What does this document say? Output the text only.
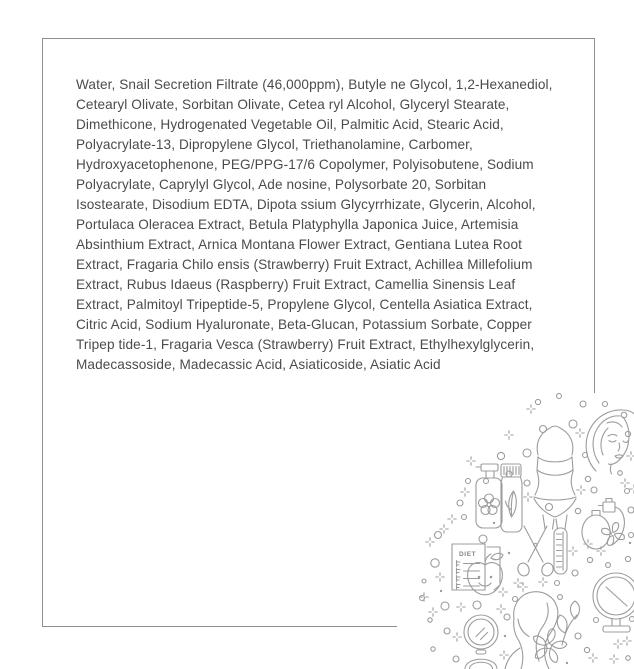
Water, Snail Secretion Filtrate (46,000ppm), Butyle ne Glycol, 1,2-Hexanediol,
Cetearyl Olivate, Sorbitan Olivate, Cetea ryl Alcohol, Glyceryl Stearate,
Dimethicone, Hydrogenated Vegetable Oil, Palmitic Acid, Stearic Acid,
Polyacrylate-13, Dipropylene Glycol, Triethanolamine, Carbomer,
Hydroxyacetophenone, PEG/PPG-17/6 Copolymer, Polyisobutene, Sodium
Polyacrylate, Caprylyl Glycol, Ade nosine, Polysorbate 20, Sorbitan
Isostearate, Disodium EDTA, Dipota ssium Glycyrrhizate, Glycerin, Alcohol,
Portulaca Oleracea Extract, Betula Platyphylla Japonica Juice, Artemisia
Absinthium Extract, Arnica Montana Flower Extract, Gentiana Lutea Root
Extract, Fragaria Chilo ensis (Strawberry) Fruit Extract, Achillea Millefolium
Extract, Rubus Idaeus (Raspberry) Fruit Extract, Camellia Sinensis Leaf
Extract, Palmitoyl Tripeptide-5, Propylene Glycol, Centella Asiatica Extract,
Citric Acid, Sodium Hyaluronate, Beta-Glucan, Potassium Sorbate, Copper
Tripep tide-1, Fragaria Vesca (Strawberry) Fruit Extract, Ethylhexylglycerin,
Madecassoside, Madecassic Acid, Asiaticoside, Asiatic Acid
DIET
